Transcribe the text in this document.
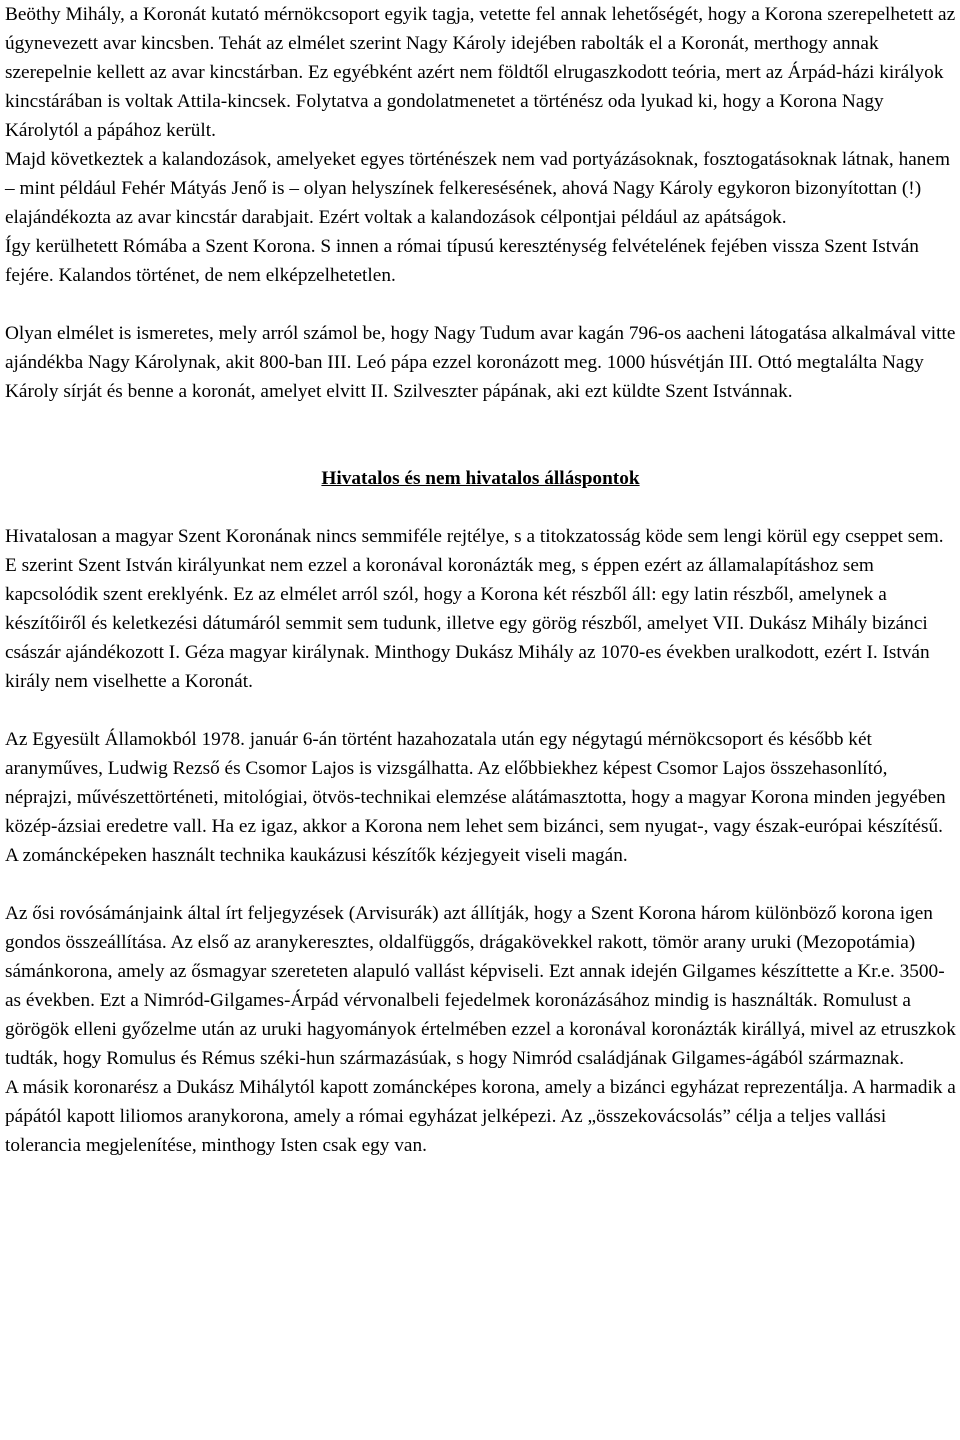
Beöthy Mihály, a Koronát kutató mérnökcsoport egyik tagja, vetette fel annak lehetőségét, hogy a Korona szerepelhetett az úgynevezett avar kincsben. Tehát az elmélet szerint Nagy Károly idejében rabolták el a Koronát, merthogy annak szerepelnie kellett az avar kincstárban. Ez egyébként azért nem földtől elrugaszkodott teória, mert az Árpád-házi királyok kincstárában is voltak Attila-kincsek. Folytatva a gondolatmenetet a történész oda lyukad ki, hogy a Korona Nagy Károlytól a pápához került.

Majd következtek a kalandozások, amelyeket egyes történészek nem vad portyázásoknak, fosztogatásoknak látnak, hanem – mint például Fehér Mátyás Jenő is – olyan helyszínek felkeresésének, ahová Nagy Károly egykoron bizonyítottan (!) elajándékozta az avar kincstár darabjait. Ezért voltak a kalandozások célpontjai például az apátságok.

Így kerülhetett Rómába a Szent Korona. S innen a római típusú kereszténység felvételének fejében vissza Szent István fejére. Kalandos történet, de nem elképzelhetetlen.

Olyan elmélet is ismeretes, mely arról számol be, hogy Nagy Tudum avar kagán 796-os aacheni látogatása alkalmával vitte ajándékba Nagy Károlynak, akit 800-ban III. Leó pápa ezzel koronázott meg. 1000 húsvétján III. Ottó megtalálta Nagy Károly sírját és benne a koronát, amelyet elvitt II. Szilveszter pápának, aki ezt küldte Szent Istvánnak.

Hivatalos és nem hivatalos álláspontok

Hivatalosan a magyar Szent Koronának nincs semmiféle rejtélye, s a titokzatosság köde sem lengi körül egy cseppet sem. E szerint Szent István királyunkat nem ezzel a koronával koronázták meg, s éppen ezért az államalapításhoz sem kapcsolódik szent ereklyénk. Ez az elmélet arról szól, hogy a Korona két részből áll: egy latin részből, amelynek a készítőiről és keletkezési dátumáról semmit sem tudunk, illetve egy görög részből, amelyet VII. Dukász Mihály bizánci császár ajándékozott I. Géza magyar királynak. Minthogy Dukász Mihály az 1070-es években uralkodott, ezért I. István király nem viselhette a Koronát.

Az Egyesült Államokból 1978. január 6-án történt hazahozatala után egy négytagú mérnökcsoport és később két aranyműves, Ludwig Rezső és Csomor Lajos is vizsgálhatta. Az előbbiekhez képest Csomor Lajos összehasonlító, néprajzi, művészettörténeti, mitológiai, ötvös-technikai elemzése alátámasztotta, hogy a magyar Korona minden jegyében közép-ázsiai eredetre vall. Ha ez igaz, akkor a Korona nem lehet sem bizánci, sem nyugat-, vagy észak-európai készítésű. A zománcképeken használt technika kaukázusi készítők kézjegyeit viseli magán.

Az ősi rovósámánjaink által írt feljegyzések (Arvisurák) azt állítják, hogy a Szent Korona három különböző korona igen gondos összeállítása. Az első az aranykeresztes, oldalfüggős, drágakövekkel rakott, tömör arany uruki (Mezopotámia) sámánkorona, amely az ősmagyar szereteten alapuló vallást képviseli. Ezt annak idején Gilgames készíttette a Kr.e. 3500-as években. Ezt a Nimród-Gilgames-Árpád vérvonalbeli fejedelmek koronázásához mindig is használták. Romulust a görögök elleni győzelme után az uruki hagyományok értelmében ezzel a koronával koronázták királlyá, mivel az etruszkok tudták, hogy Romulus és Rémus széki-hun származásúak, s hogy Nimród családjának Gilgames-ágából származnak.

A másik koronarész a Dukász Mihálytól kapott zománcképes korona, amely a bizánci egyházat reprezentálja. A harmadik a pápától kapott liliomos aranykorona, amely a római egyházat jelképezi. Az „összekovácsolás” célja a teljes vallási tolerancia megjelenítése, minthogy Isten csak egy van.
